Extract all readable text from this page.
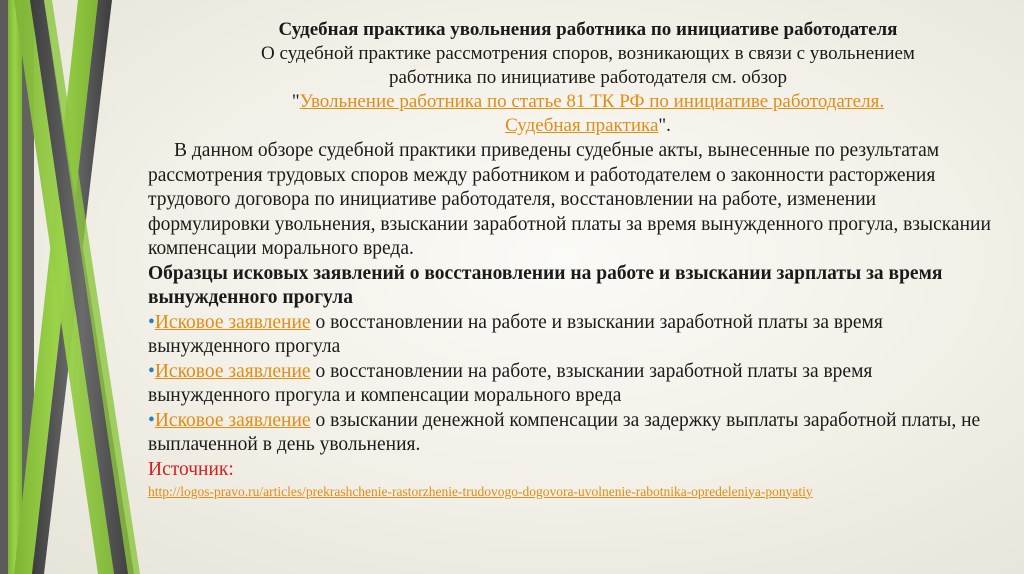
Судебная практика увольнения работника по инициативе работодателя
О судебной практике рассмотрения споров, возникающих в связи с увольнением
работника по инициативе работодателя см. обзор
"Увольнение работника по статье 81 ТК РФ по инициативе работодателя.
Судебная практика".
В данном обзоре судебной практики приведены судебные акты, вынесенные по результатам рассмотрения трудовых споров между работником и работодателем о законности расторжения трудового договора по инициативе работодателя, восстановлении на работе, изменении формулировки увольнения, взыскании заработной платы за время вынужденного прогула, взыскании компенсации морального вреда.
Образцы исковых заявлений о восстановлении на работе и взыскании зарплаты за время вынужденного прогула
•Исковое заявление о восстановлении на работе и взыскании заработной платы за время вынужденного прогула
•Исковое заявление о восстановлении на работе, взыскании заработной платы за время вынужденного прогула и компенсации морального вреда
•Исковое заявление о взыскании денежной компенсации за задержку выплаты заработной платы, не выплаченной в день увольнения.
Источник:
http://logos-pravo.ru/articles/prekrashchenie-rastorzhenie-trudovogo-dogovora-uvolnenie-rabotnika-opredeleniya-ponyatiy
